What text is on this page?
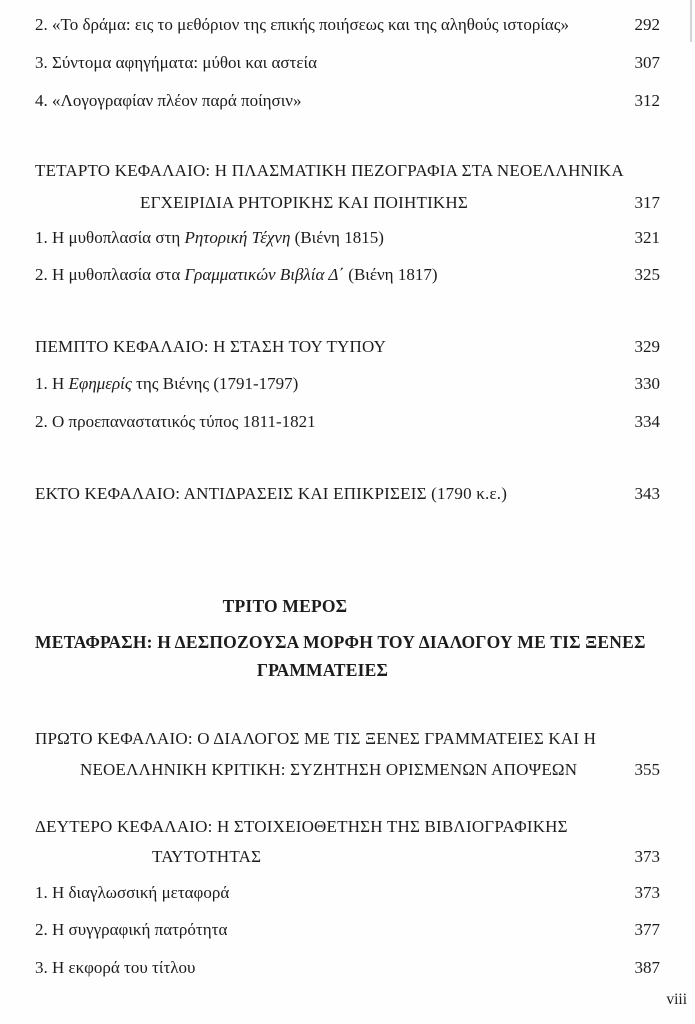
2. «Το δράμα: εις το μεθόριον της επικής ποιήσεως και της αληθούς ιστορίας»	292
3. Σύντομα αφηγήματα: μύθοι και αστεία	307
4. «Λογογραφίαν πλέον παρά ποίησιν»	312
ΤΕΤΑΡΤΟ ΚΕΦΑΛΑΙΟ: Η ΠΛΑΣΜΑΤΙΚΗ ΠΕΖΟΓΡΑΦΙΑ ΣΤΑ ΝΕΟΕΛΛΗΝΙΚΑ
ΕΓΧΕΙΡΙΔΙΑ ΡΗΤΟΡΙΚΗΣ ΚΑΙ ΠΟΙΗΤΙΚΗΣ	317
1. Η μυθοπλασία στη Ρητορική Τέχνη (Βιένη 1815)	321
2. Η μυθοπλασία στα Γραμματικών Βιβλία Δ΄ (Βιένη 1817)	325
ΠΕΜΠΤΟ ΚΕΦΑΛΑΙΟ: Η ΣΤΑΣΗ ΤΟΥ ΤΥΠΟΥ	329
1. Η Εφημερίς της Βιένης (1791-1797)	330
2. Ο προεπαναστατικός τύπος 1811-1821	334
ΕΚΤΟ ΚΕΦΑΛΑΙΟ: ΑΝΤΙΔΡΑΣΕΙΣ ΚΑΙ ΕΠΙΚΡΙΣΕΙΣ (1790 κ.ε.)	343
ΤΡΙΤΟ ΜΕΡΟΣ
ΜΕΤΑΦΡΑΣΗ: Η ΔΕΣΠΟΖΟΥΣΑ ΜΟΡΦΗ ΤΟΥ ΔΙΑΛΟΓΟΥ ΜΕ ΤΙΣ ΞΕΝΕΣ
ΓΡΑΜΜΑΤΕΙΕΣ
ΠΡΩΤΟ ΚΕΦΑΛΑΙΟ: Ο ΔΙΑΛΟΓΟΣ ΜΕ ΤΙΣ ΞΕΝΕΣ ΓΡΑΜΜΑΤΕΙΕΣ ΚΑΙ Η
ΝΕΟΕΛΛΗΝΙΚΗ ΚΡΙΤΙΚΗ: ΣΥΖΗΤΗΣΗ ΟΡΙΣΜΕΝΩΝ ΑΠΟΨΕΩΝ	355
ΔΕΥΤΕΡΟ ΚΕΦΑΛΑΙΟ: Η ΣΤΟΙΧΕΙΟΘΕΤΗΣΗ ΤΗΣ ΒΙΒΛΙΟΓΡΑΦΙΚΗΣ
ΤΑΥΤΟΤΗΤΑΣ	373
1. Η διαγλωσσική μεταφορά	373
2. Η συγγραφική πατρότητα	377
3. Η εκφορά του τίτλου	387
viii
